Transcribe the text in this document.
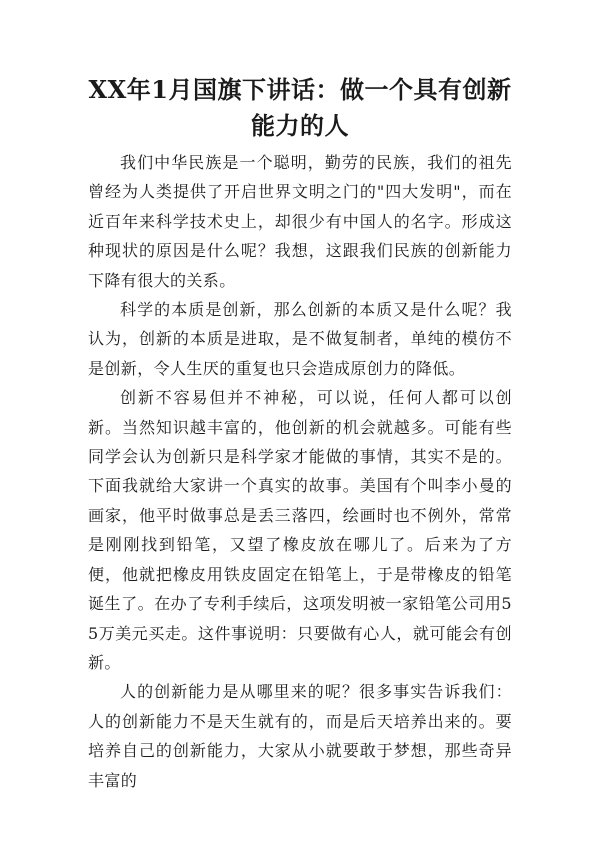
XX年1月国旗下讲话：做一个具有创新能力的人

我们中华民族是一个聪明，勤劳的民族，我们的祖先曾经为人类提供了开启世界文明之门的"四大发明"，而在近百年来科学技术史上，却很少有中国人的名字。形成这种现状的原因是什么呢？我想，这跟我们民族的创新能力下降有很大的关系。

科学的本质是创新，那么创新的本质又是什么呢？我认为，创新的本质是进取，是不做复制者，单纯的模仿不是创新，令人生厌的重复也只会造成原创力的降低。

创新不容易但并不神秘，可以说，任何人都可以创新。当然知识越丰富的，他创新的机会就越多。可能有些同学会认为创新只是科学家才能做的事情，其实不是的。下面我就给大家讲一个真实的故事。美国有个叫李小曼的画家，他平时做事总是丢三落四，绘画时也不例外，常常是刚刚找到铅笔，又望了橡皮放在哪儿了。后来为了方便，他就把橡皮用铁皮固定在铅笔上，于是带橡皮的铅笔诞生了。在办了专利手续后，这项发明被一家铅笔公司用55万美元买走。这件事说明：只要做有心人，就可能会有创新。

人的创新能力是从哪里来的呢？很多事实告诉我们：人的创新能力不是天生就有的，而是后天培养出来的。要培养自己的创新能力，大家从小就要敢于梦想，那些奇异丰富的
